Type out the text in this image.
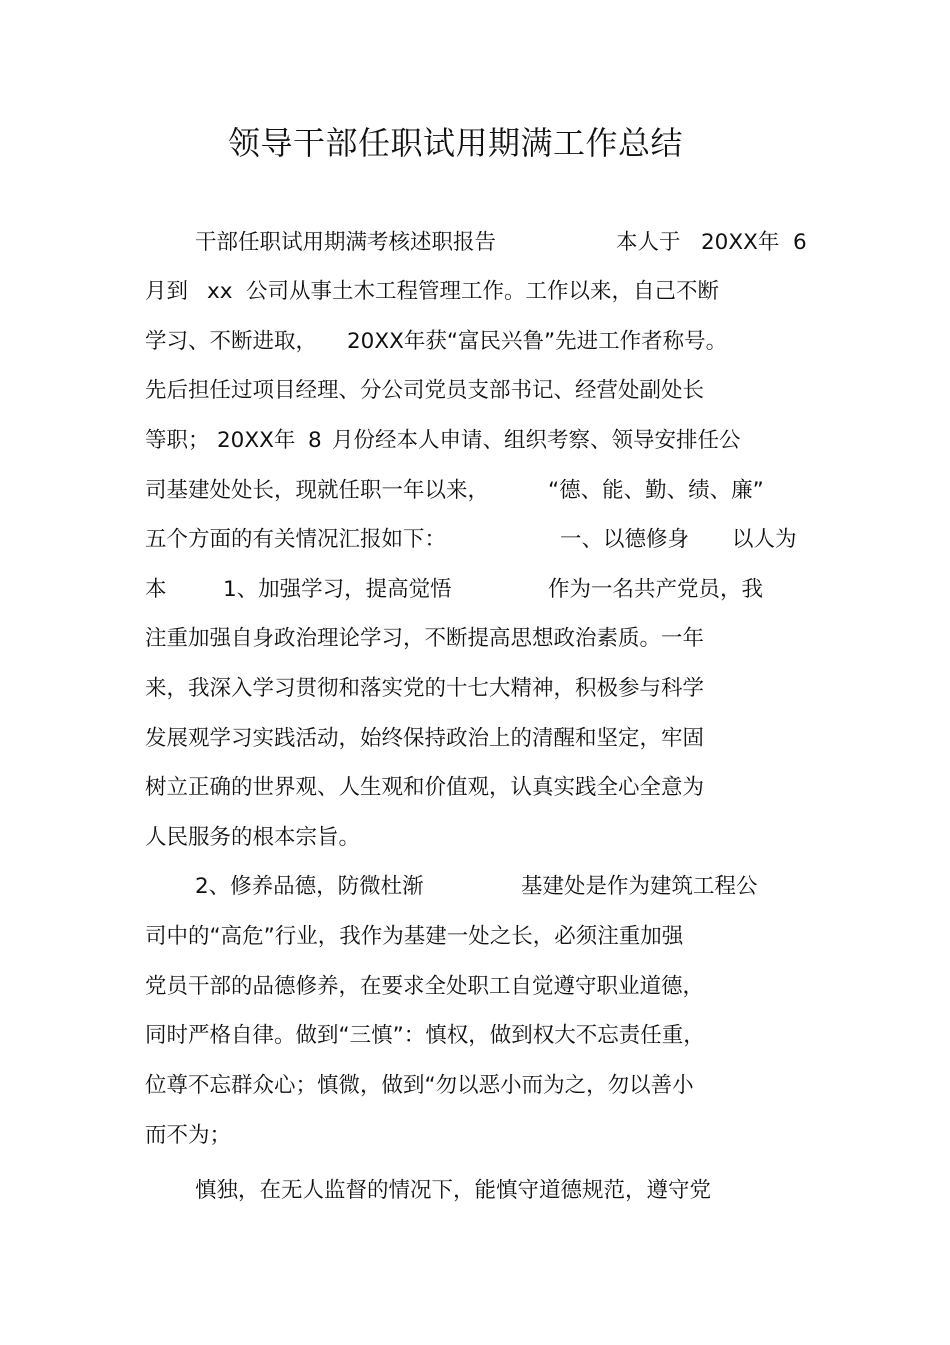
领导干部任职试用期满工作总结
干部任职试用期满考核述职报告	本人于 20XX年 6
月到 xx 公司从事土木工程管理工作。工作以来，自己不断
学习、不断进取， 20XX年获“富民兴鲁”先进工作者称号。
先后担任过项目经理、分公司党员支部书记、经营处副处长
等职； 20XX年 8 月份经本人申请、组织考察、领导安排任公
司基建处处长，现就任职一年以来，	“德、能、勤、绩、廉”
五个方面的有关情况汇报如下：	一、以德修身 以人为
本	1、加强学习，提高觉悟	作为一名共产党员，我
注重加强自身政治理论学习，不断提高思想政治素质。一年
来，我深入学习贯彻和落实党的十七大精神，积极参与科学
发展观学习实践活动，始终保持政治上的清醒和坚定，牢固
树立正确的世界观、人生观和价值观，认真实践全心全意为
人民服务的根本宗旨。
2、修养品德，防微杜渐	基建处是作为建筑工程公
司中的“高危”行业，我作为基建一处之长，必须注重加强
党员干部的品德修养，在要求全处职工自觉遵守职业道德，
同时严格自律。做到“三慎”：慎权，做到权大不忘责任重，
位尊不忘群众心；慎微，做到“勿以恶小而为之，勿以善小
而不为；
慎独，在无人监督的情况下，能慎守道德规范，遵守党
